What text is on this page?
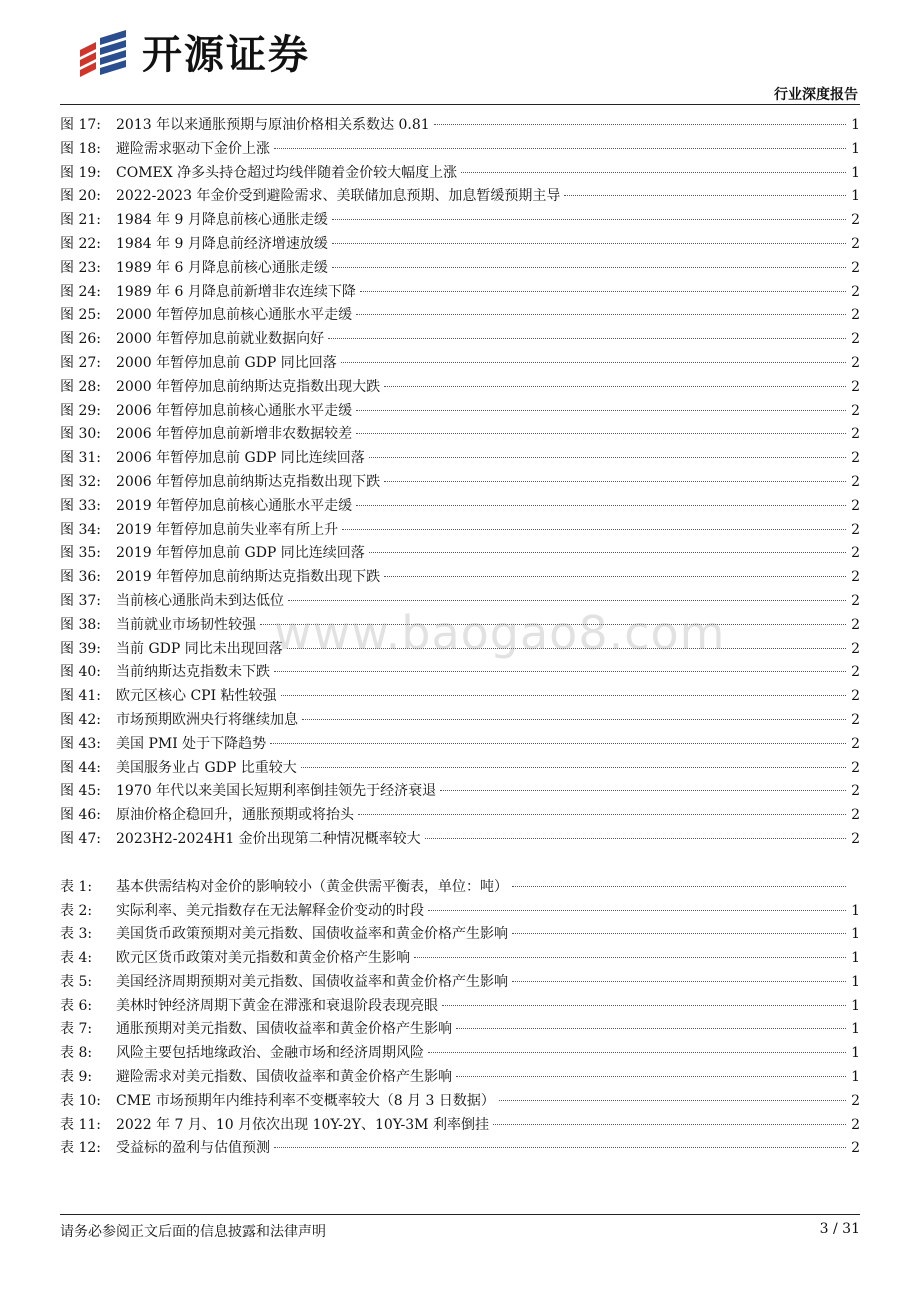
开源证券
行业深度报告
图 17:	2013 年以来通胀预期与原油价格相关系数达 0.81	1
图 18:	避险需求驱动下金价上涨	1
图 19:	COMEX 净多头持仓超过均线伴随着金价较大幅度上涨	1
图 20:	2022-2023 年金价受到避险需求、美联储加息预期、加息暂缓预期主导	1
图 21:	1984 年 9 月降息前核心通胀走缓	2
图 22:	1984 年 9 月降息前经济增速放缓	2
图 23:	1989 年 6 月降息前核心通胀走缓	2
图 24:	1989 年 6 月降息前新增非农连续下降	2
图 25:	2000 年暂停加息前核心通胀水平走缓	2
图 26:	2000 年暂停加息前就业数据向好	2
图 27:	2000 年暂停加息前 GDP 同比回落	2
图 28:	2000 年暂停加息前纳斯达克指数出现大跌	2
图 29:	2006 年暂停加息前核心通胀水平走缓	2
图 30:	2006 年暂停加息前新增非农数据较差	2
图 31:	2006 年暂停加息前 GDP 同比连续回落	2
图 32:	2006 年暂停加息前纳斯达克指数出现下跌	2
图 33:	2019 年暂停加息前核心通胀水平走缓	2
图 34:	2019 年暂停加息前失业率有所上升	2
图 35:	2019 年暂停加息前 GDP 同比连续回落	2
图 36:	2019 年暂停加息前纳斯达克指数出现下跌	2
图 37:	当前核心通胀尚未到达低位	2
图 38:	当前就业市场韧性较强	2
图 39:	当前 GDP 同比未出现回落	2
图 40:	当前纳斯达克指数未下跌	2
图 41:	欧元区核心 CPI 粘性较强	2
图 42:	市场预期欧洲央行将继续加息	2
图 43:	美国 PMI 处于下降趋势	2
图 44:	美国服务业占 GDP 比重较大	2
图 45:	1970 年代以来美国长短期利率倒挂领先于经济衰退	2
图 46:	原油价格企稳回升，通胀预期或将抬头	2
图 47:	2023H2-2024H1 金价出现第二种情况概率较大	2
表 1:	基本供需结构对金价的影响较小（黄金供需平衡表，单位：吨）
表 2:	实际利率、美元指数存在无法解释金价变动的时段	1
表 3:	美国货币政策预期对美元指数、国债收益率和黄金价格产生影响	1
表 4:	欧元区货币政策对美元指数和黄金价格产生影响	1
表 5:	美国经济周期预期对美元指数、国债收益率和黄金价格产生影响	1
表 6:	美林时钟经济周期下黄金在滞涨和衰退阶段表现亮眼	1
表 7:	通胀预期对美元指数、国债收益率和黄金价格产生影响	1
表 8:	风险主要包括地缘政治、金融市场和经济周期风险	1
表 9:	避险需求对美元指数、国债收益率和黄金价格产生影响	1
表 10:	CME 市场预期年内维持利率不变概率较大（8 月 3 日数据）	2
表 11:	2022 年 7 月、10 月依次出现 10Y-2Y、10Y-3M 利率倒挂	2
表 12:	受益标的盈利与估值预测	2
www.baogao8.com
请务必参阅正文后面的信息披露和法律声明	3 / 31
